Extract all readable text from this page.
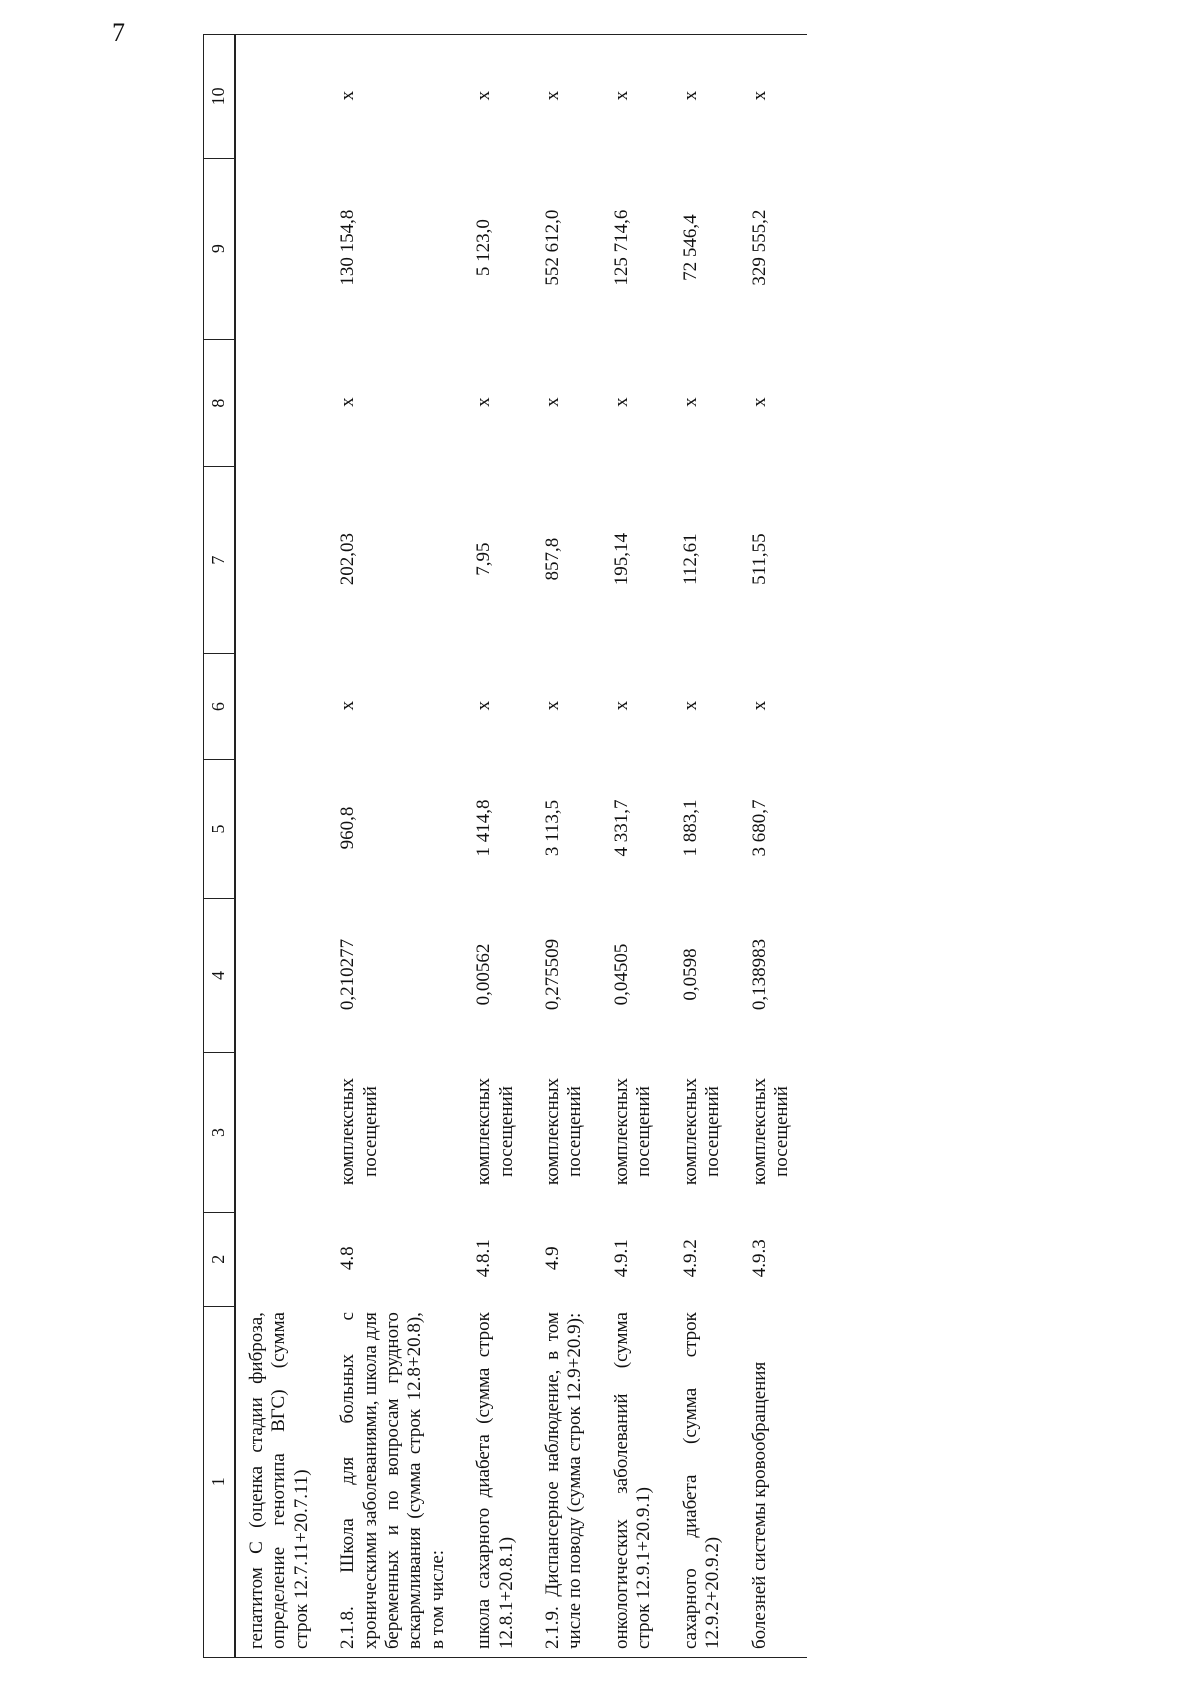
7
1	2	3	4	5	6	7	8	9	10
гепатитом С (оценка стадии фиброза, определение генотипа ВГС) (сумма строк 12.7.11+20.7.11)									
2.1.8. Школа для больных с хроническими заболеваниями, школа для беременных и по вопросам грудного вскармливания (сумма строк 12.8+20.8), в том числе:	4.8	комплексных посещений	0,210277	960,8	x	202,03	x	130 154,8	x
школа сахарного диабета (сумма строк 12.8.1+20.8.1)	4.8.1	комплексных посещений	0,00562	1 414,8	x	7,95	x	5 123,0	x
2.1.9. Диспансерное наблюдение, в том числе по поводу (сумма строк 12.9+20.9):	4.9	комплексных посещений	0,275509	3 113,5	x	857,8	x	552 612,0	x
онкологических заболеваний (сумма строк 12.9.1+20.9.1)	4.9.1	комплексных посещений	0,04505	4 331,7	x	195,14	x	125 714,6	x
сахарного диабета (сумма строк 12.9.2+20.9.2)	4.9.2	комплексных посещений	0,0598	1 883,1	x	112,61	x	72 546,4	x
болезней системы кровообращения	4.9.3	комплексных посещений	0,138983	3 680,7	x	511,55	x	329 555,2	x
